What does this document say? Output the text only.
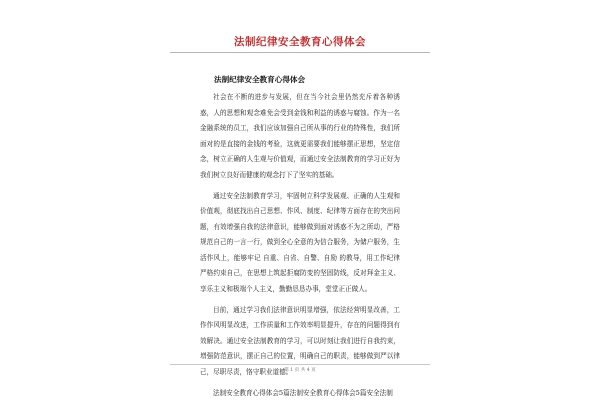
法制纪律安全教育心得体会
法制纪律安全教育心得体会

社会在不断的进步与发展，但在当今社会里仍然充斥着各种诱惑，人的思想和观念难免会受到金钱和利益的诱惑与腐蚀。作为一名金融系统的员工，我们应该加强自己所从事的行业的特殊性，我们所面对的是直接的金钱的考验，这就更需要我们能够摆正思想，坚定信念，树立正确的人生观与价值观，而通过安全法制教育的学习正好为我们树立良好而健康的观念打下了坚实的基础。

通过安全法制教育学习，牢固树立科学发展观、正确的人生观和价值观，彻底找出自己思想、作风、制度、纪律等方面存在的突出问题，有效增强自我的法律意识，能够做到面对诱惑不为之所动，严格规范自己的一言一行，做到全心全意的为信合服务，为储户服务，生活作风上，能够牢记 自重、自省、自警、自励 的教导，用工作纪律严格约束自己，在思想上筑起拒腐防变的坚固防线，反对拜金主义、享乐主义和极端个人主义，勤勤恳恳办事，堂堂正正做人。

目前，通过学习我们法律意识明显增强，依法经营明显改善，工作作风明显改进，工作质量和工作效率明显提升，存在的问题得到有效解决。通过安全法制教育的学习，可以时刻让我们进行自我约束，增强防范意识，摆正自己的位置，明确自己的职责，能够做到严以律己，尽职尽责，恪守职业道德。

法制安全教育心得体会5篇法制安全教育心得体会5篇安全法制

第 1 页 共 4 页
